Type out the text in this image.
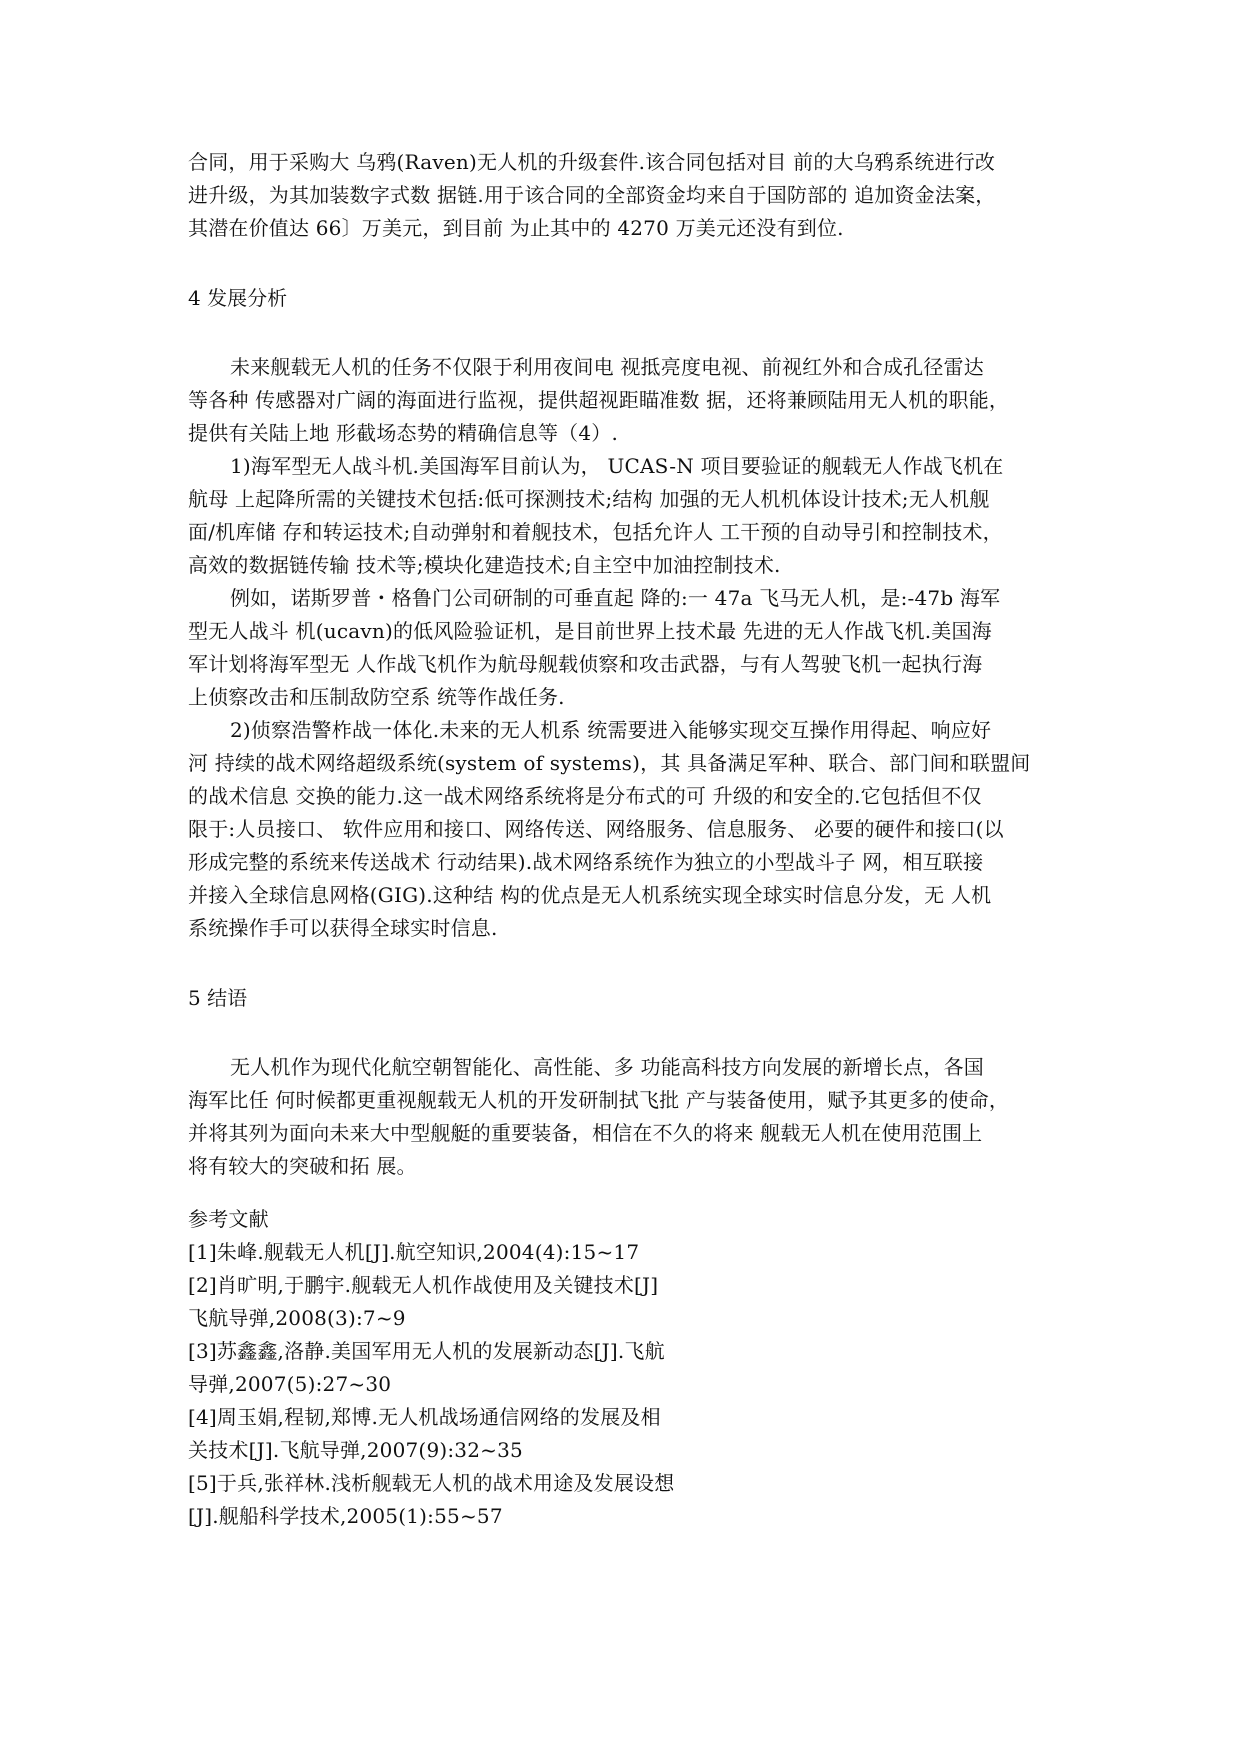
合同，用于采购大 乌鸦(Raven)无人机的升级套件.该合同包括对目 前的大乌鸦系统进行改
进升级，为其加装数字式数 据链.用于该合同的全部资金均来自于国防部的 追加资金法案，
其潜在价值达 66〕万美元，到目前 为止其中的 4270 万美元还没有到位.
4 发展分析
未来舰载无人机的任务不仅限于利用夜间电 视抵亮度电视、前视红外和合成孔径雷达
等各种 传感器对广阔的海面进行监视，提供超视距瞄准数 据，还将兼顾陆用无人机的职能，
提供有关陆上地 形截场态势的精确信息等（4）.
1)海军型无人战斗机.美国海军目前认为， UCAS-N 项目要验证的舰载无人作战飞机在
航母 上起降所需的关键技术包括:低可探测技术;结构 加强的无人机机体设计技术;无人机舰
面/机库储 存和转运技术;自动弹射和着舰技术，包括允许人 工干预的自动导引和控制技术，
高效的数据链传输 技术等;模块化建造技术;自主空中加油控制技术.
例如，诺斯罗普・格鲁门公司研制的可垂直起 降的:一 47a 飞马无人机，是:-47b 海军
型无人战斗 机(ucavn)的低风险验证机，是目前世界上技术最 先进的无人作战飞机.美国海
军计划将海军型无 人作战飞机作为航母舰载侦察和攻击武器，与有人驾驶飞机一起执行海
上侦察改击和压制敌防空系 统等作战任务.
2)侦察浩警柞战一体化.未来的无人机系 统需要进入能够实现交互操作用得起、响应好
河 持续的战术网络超级系统(system of systems)，其 具备满足军种、联合、部门间和联盟间
的战术信息 交换的能力.这一战术网络系统将是分布式的可 升级的和安全的.它包括但不仅
限于:人员接口、 软件应用和接口、网络传送、网络服务、信息服务、 必要的硬件和接口(以
形成完整的系统来传送战术 行动结果).战术网络系统作为独立的小型战斗子 网，相互联接
并接入全球信息网格(GIG).这种结 构的优点是无人机系统实现全球实时信息分发，无 人机
系统操作手可以获得全球实时信息.
5 结语
无人机作为现代化航空朝智能化、高性能、多 功能高科技方向发展的新增长点，各国
海军比任 何时候都更重视舰载无人机的开发研制拭飞批 产与装备使用，赋予其更多的使命，
并将其列为面向未来大中型舰艇的重要装备，相信在不久的将来 舰载无人机在使用范围上
将有较大的突破和拓 展。
参考文献
[1]朱峰.舰载无人机[J].航空知识,2004(4):15~17
[2]肖旷明,于鹏宇.舰载无人机作战使用及关键技术[J]
飞航导弹,2008(3):7~9
[3]苏鑫鑫,洛静.美国军用无人机的发展新动态[J].飞航
导弹,2007(5):27~30
[4]周玉娟,程韧,郑博.无人机战场通信网络的发展及相
关技术[J].飞航导弹,2007(9):32~35
[5]于兵,张祥林.浅析舰载无人机的战术用途及发展设想
[J].舰船科学技术,2005(1):55~57
